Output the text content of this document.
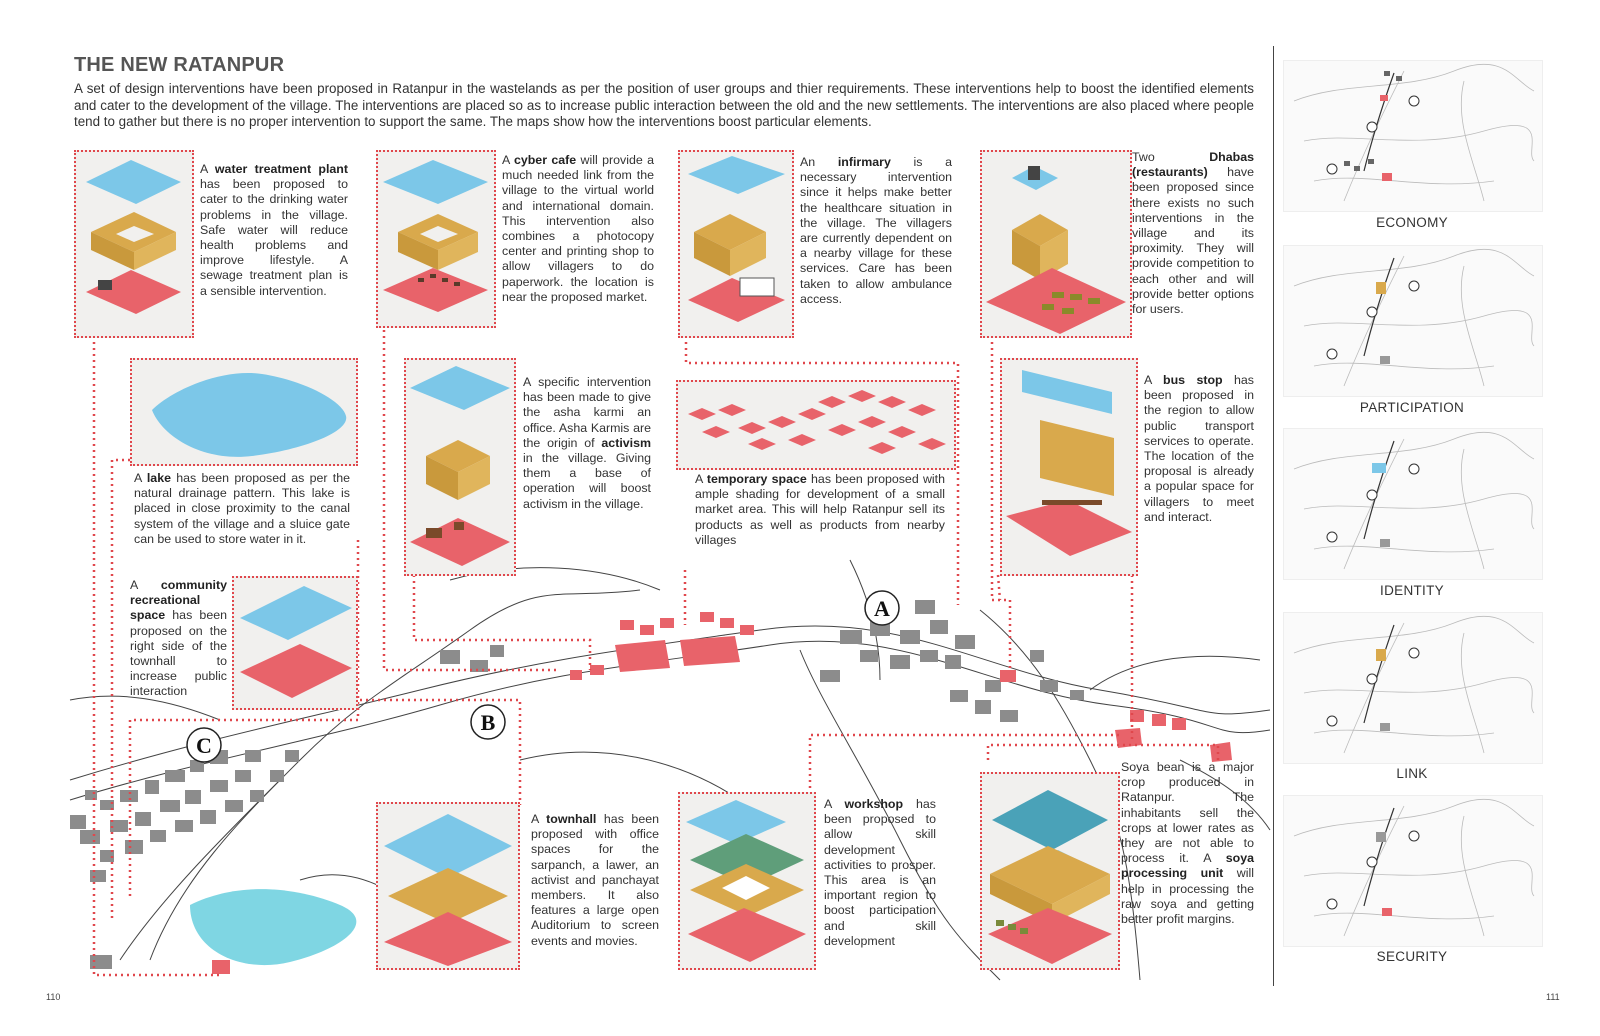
A
B
C
THE NEW RATANPUR
A set of design interventions have been proposed in Ratanpur in the wastelands as per the position of user groups and thier requirements. These interventions help to boost the identified elements and cater to the development of the village. The interventions are placed so as to increase public interaction between the old and the new settlements. The interventions are also placed where people tend to gather but there is no proper intervention to support the same. The maps show how the interventions boost particular elements.
A water treatment plant has been proposed to cater to the drinking water problems in the village. Safe water will reduce health problems and improve lifestyle. A sewage treatment plan is a sensible intervention.
A cyber cafe will provide a much needed link from the village to the virtual world and international domain. This intervention also combines a photocopy center and printing shop to allow villagers to do paperwork. the location is near the proposed market.
An infirmary is a necessary intervention since it helps make better the healthcare situation in the village. The villagers are currently dependent on a nearby village for these services. Care has been taken to allow ambulance access.
Two Dhabas (restaurants) have been proposed since there exists no such interventions in the village and its proximity. They will provide competition to each other and will provide better options for users.
A lake has been proposed as per the natural drainage pattern. This lake is placed in close proximity to the canal system of the village and a sluice gate can be used to store water in it.
A specific intervention has been made to give the asha karmi an office. Asha Karmis are the origin of activism in the village. Giving them a base of operation will boost activism in the village.
A temporary space has been proposed with ample shading for development of a small market area. This will help Ratanpur sell its products as well as products from nearby villages
A bus stop has been proposed in the region to allow public transport services to operate. The location of the proposal is already a popular space for villagers to meet and interact.
A community recreational space has been proposed on the right side of the townhall to increase public interaction
A townhall has been proposed with office spaces for the sarpanch, a lawer, an activist and panchayat members. It also features a large open Auditorium to screen events and movies.
A workshop has been proposed to allow skill development activities to prosper. This area is an important region to boost participation and skill development
Soya bean is a major crop produced in Ratanpur. The inhabitants sell the crops at lower rates as they are not able to process it. A soya processing unit will help in processing the raw soya and getting better profit margins.
ECONOMY
PARTICIPATION
IDENTITY
LINK
SECURITY
110	111
